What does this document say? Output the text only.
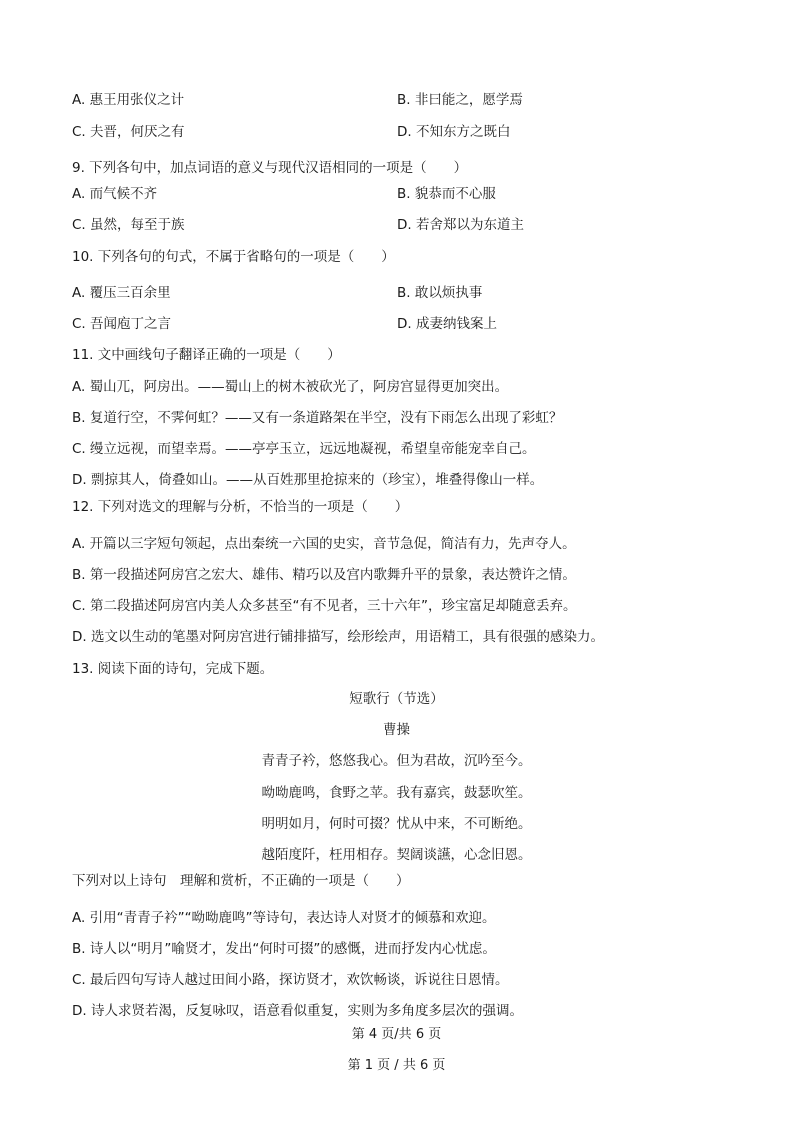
A. 惠王用张仪之计	B. 非曰能之，愿学焉
C. 夫晋，何厌之有	D. 不知东方之既白
9. 下列各句中，加点词语的意义与现代汉语相同的一项是（　　）
A. 而气候不齐	B. 貌恭而不心服
C. 虽然，每至于族	D. 若舍郑以为东道主
10. 下列各句的句式，不属于省略句的一项是（　　）
A. 覆压三百余里	B. 敢以烦执事
C. 吾闻庖丁之言	D. 成妻纳钱案上
11. 文中画线句子翻译正确的一项是（　　）
A. 蜀山兀，阿房出。——蜀山上的树木被砍光了，阿房宫显得更加突出。
B. 复道行空，不霁何虹？——又有一条道路架在半空，没有下雨怎么出现了彩虹？
C. 缦立远视，而望幸焉。——亭亭玉立，远远地凝视，希望皇帝能宠幸自己。
D. 剽掠其人，倚叠如山。——从百姓那里抢掠来的（珍宝），堆叠得像山一样。
12. 下列对选文的理解与分析，不恰当的一项是（　　）
A. 开篇以三字短句领起，点出秦统一六国的史实，音节急促，简洁有力，先声夺人。
B. 第一段描述阿房宫之宏大、雄伟、精巧以及宫内歌舞升平的景象，表达赞许之情。
C. 第二段描述阿房宫内美人众多甚至“有不见者，三十六年”，珍宝富足却随意丢弃。
D. 选文以生动的笔墨对阿房宫进行铺排描写，绘形绘声，用语精工，具有很强的感染力。
13. 阅读下面的诗句，完成下题。
短歌行（节选）
曹操
青青子衿，悠悠我心。但为君故，沉吟至今。
呦呦鹿鸣，食野之苹。我有嘉宾，鼓瑟吹笙。
明明如月，何时可掇？忧从中来，不可断绝。
越陌度阡，枉用相存。契阔谈讌，心念旧恩。
下列对以上诗句　理解和赏析，不正确的一项是（　　）
A. 引用“青青子衿”“呦呦鹿鸣”等诗句，表达诗人对贤才的倾慕和欢迎。
B. 诗人以“明月”喻贤才，发出“何时可掇”的感慨，进而抒发内心忧虑。
C. 最后四句写诗人越过田间小路，探访贤才，欢饮畅谈，诉说往日恩情。
D. 诗人求贤若渴，反复咏叹，语意看似重复，实则为多角度多层次的强调。
第 4 页/共 6 页
第 1 页 / 共 6 页
